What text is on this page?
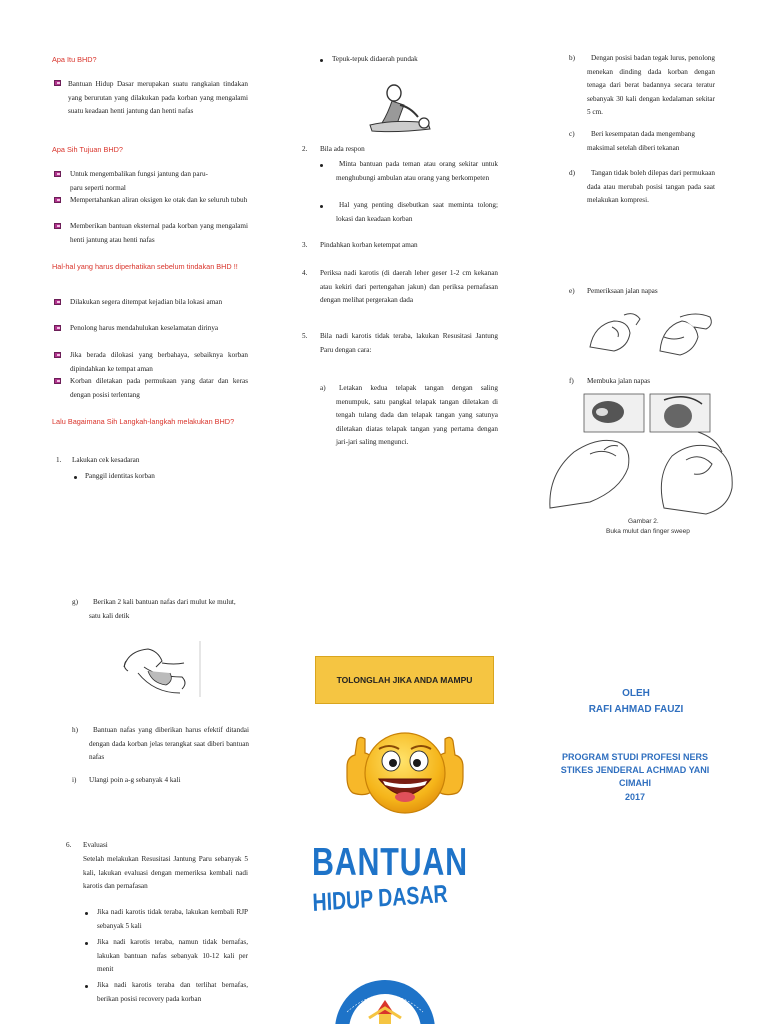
Apa Itu BHD?
Bantuan Hidup Dasar merupakan suatu rangkaian tindakan yang berurutan yang dilakukan pada korban yang mengalami suatu keadaan henti jantung dan henti nafas
Apa Sih Tujuan BHD?
Untuk mengembalikan fungsi jantung dan paru-paru seperti normal
Mempertahankan aliran oksigen ke otak dan ke seluruh tubuh
Memberikan bantuan eksternal pada korban yang mengalami henti jantung atau henti nafas
Hal-hal yang harus diperhatikan sebelum tindakan BHD !!
Dilakukan segera ditempat kejadian bila lokasi aman
Penolong harus mendahulukan keselamatan dirinya
Jika berada dilokasi yang berbahaya, sebaiknya korban dipindahkan ke tempat aman
Korban diletakan pada permukaan yang datar dan keras dengan posisi terlentang
Lalu Bagaimana Sih Langkah-langkah melakukan BHD?
1. Lakukan cek kesadaran
Panggil identitas korban
Tepuk-tepuk didaerah pundak
2. Bila ada respon
Minta bantuan pada teman atau orang sekitar untuk menghubungi ambulan atau orang yang berkompeten
Hal yang penting disebutkan saat meminta tolong; lokasi dan keadaan korban
3. Pindahkan korban ketempat aman
4. Periksa nadi karotis (di daerah leher geser 1-2 cm kekanan atau kekiri dari pertengahan jakun) dan periksa pernafasan dengan melihat pergerakan dada
5. Bila nadi karotis tidak teraba, lakukan Resusitasi Jantung Paru dengan cara:
a)	Letakan kedua telapak tangan dengan saling menumpuk, satu pangkal telapak tangan diletakan di tengah tulang dada dan telapak tangan yang satunya diletakan diatas telapak tangan yang pertama dengan jari-jari saling mengunci.
b)	Dengan posisi badan tegak lurus, penolong menekan dinding dada korban dengan tenaga dari berat badannya secara teratur sebanyak 30 kali dengan kedalaman sekitar 5 cm.
c)	Beri kesempatan dada mengembang maksimal setelah diberi tekanan
d)	Tangan tidak boleh dilepas dari permukaan dada atau merubah posisi tangan pada saat melakukan kompresi.
e) Pemeriksaan jalan napas
f) Membuka jalan napas
Gambar 2.
Buka mulut dan finger sweep
g)	Berikan 2 kali bantuan nafas dari mulut ke mulut, satu kali detik
h)	Bantuan nafas yang diberikan harus efektif ditandai dengan dada korban jelas terangkat saat diberi bantuan nafas
i) Ulangi poin a-g sebanyak 4 kali
6. Evaluasi
Setelah melakukan Resusitasi Jantung Paru sebanyak 5 kali, lakukan evaluasi dengan memeriksa kembali nadi karotis dan pernafasan
Jika nadi karotis tidak teraba, lakukan kembali RJP sebanyak 5 kali
Jika nadi karotis teraba, namun tidak bernafas, lakukan bantuan nafas sebanyak 10-12 kali per menit
Jika nadi karotis teraba dan terlihat bernafas, berikan posisi recovery pada korban
TOLONGLAH JIKA ANDA MAMPU
BANTUAN
HIDUP DASAR
OLEH
RAFI AHMAD FAUZI
PROGRAM STUDI PROFESI NERS
STIKES JENDERAL ACHMAD YANI
CIMAHI
2017
